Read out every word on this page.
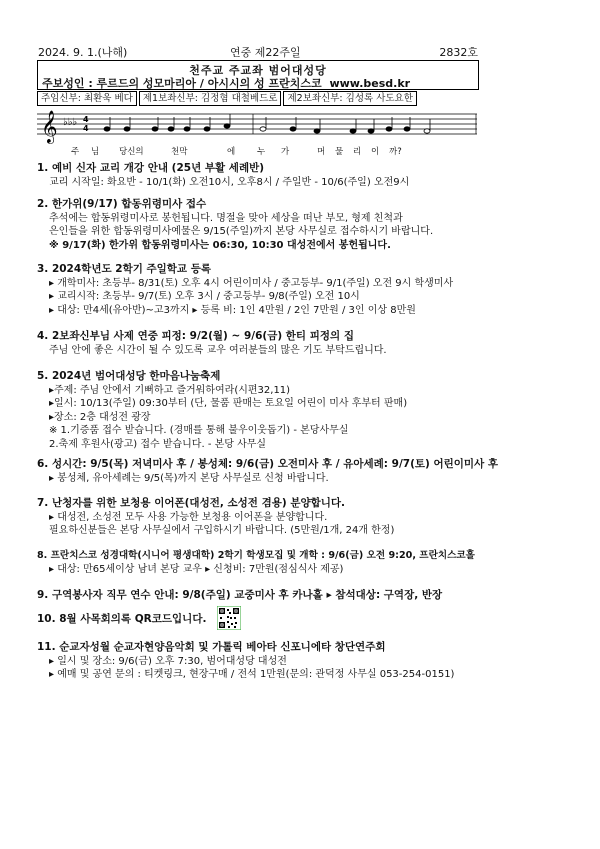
2024. 9. 1.(나해)	연중 제22주일	2832호
천주교 주교좌 범어대성당
주보성인 : 루르드의 성모마리아 / 아시시의 성 프란치스코 www.besd.kr
주임신부: 최환욱 베다	제1보좌신부: 김정혐 대철베드로	제2보좌신부: 김성록 사도요한
𝄞 ♭♭♭ 4
4
주 님 당신의	천막	에	누 가	머 물 리 이 까?
1. 예비 신자 교리 개강 안내 (25년 부활 세례반)
교리 시작일: 화요반 - 10/1(화) 오전10시, 오후8시 / 주일반 - 10/6(주일) 오전9시
2. 한가위(9/17) 합동위령미사 접수
추석에는 합동위령미사로 봉헌됩니다. 명절을 맞아 세상을 떠난 부모, 형제 친척과
은인들을 위한 합동위령미사예물은 9/15(주일)까지 본당 사무실로 접수하시기 바랍니다.
※ 9/17(화) 한가위 합동위령미사는 06:30, 10:30 대성전에서 봉헌됩니다.
3. 2024학년도 2학기 주일학교 등록
▸ 개학미사: 초등부- 8/31(토) 오후 4시 어린이미사 / 중고등부- 9/1(주일) 오전 9시 학생미사
▸ 교리시작: 초등부- 9/7(토) 오후 3시 / 중고등부- 9/8(주일) 오전 10시
▸ 대상: 만4세(유아반)~고3까지 ▸ 등록 비: 1인 4만원 / 2인 7만원 / 3인 이상 8만원
4. 2보좌신부님 사제 연중 피정: 9/2(월) ~ 9/6(금) 한티 피정의 집
주님 안에 좋은 시간이 될 수 있도록 교우 여러분들의 많은 기도 부탁드립니다.
5. 2024년 범어대성당 한마음나눔축제
▸주제: 주님 안에서 기뻐하고 즐거워하여라(시편32,11)
▸일시: 10/13(주일) 09:30부터 (단, 물품 판매는 토요일 어린이 미사 후부터 판매)
▸장소: 2층 대성전 광장
※ 1.기증품 접수 받습니다. (경매를 통해 불우이웃돕기) - 본당사무실
2.축제 후원사(광고) 접수 받습니다. - 본당 사무실
6. 성시간: 9/5(목) 저녁미사 후 / 봉성체: 9/6(금) 오전미사 후 / 유아세례: 9/7(토) 어린이미사 후
▸ 봉성체, 유아세례는 9/5(목)까지 본당 사무실로 신청 바랍니다.
7. 난청자를 위한 보청용 이어폰(대성전, 소성전 겸용) 분양합니다.
▸ 대성전, 소성전 모두 사용 가능한 보청용 이어폰을 분양합니다.
필요하신분들은 본당 사무실에서 구입하시기 바랍니다. (5만원/1개, 24개 한정)
8. 프란치스코 성경대학(시니어 평생대학) 2학기 학생모집 및 개학 : 9/6(금) 오전 9:20, 프란치스코홀
▸ 대상: 만65세이상 남녀 본당 교우 ▸ 신청비: 7만원(점심식사 제공)
9. 구역봉사자 직무 연수 안내: 9/8(주일) 교중미사 후 카나홀 ▸ 참석대상: 구역장, 반장
10. 8월 사목회의록 QR코드입니다.
11. 순교자성월 순교자현양음악회 및 가톨릭 베아타 신포니에타 창단연주회
▸ 일시 및 장소: 9/6(금) 오후 7:30, 범어대성당 대성전
▸ 예매 및 공연 문의 : 티켓링크, 현장구매 / 전석 1만원(문의: 관덕정 사무실 053-254-0151)
